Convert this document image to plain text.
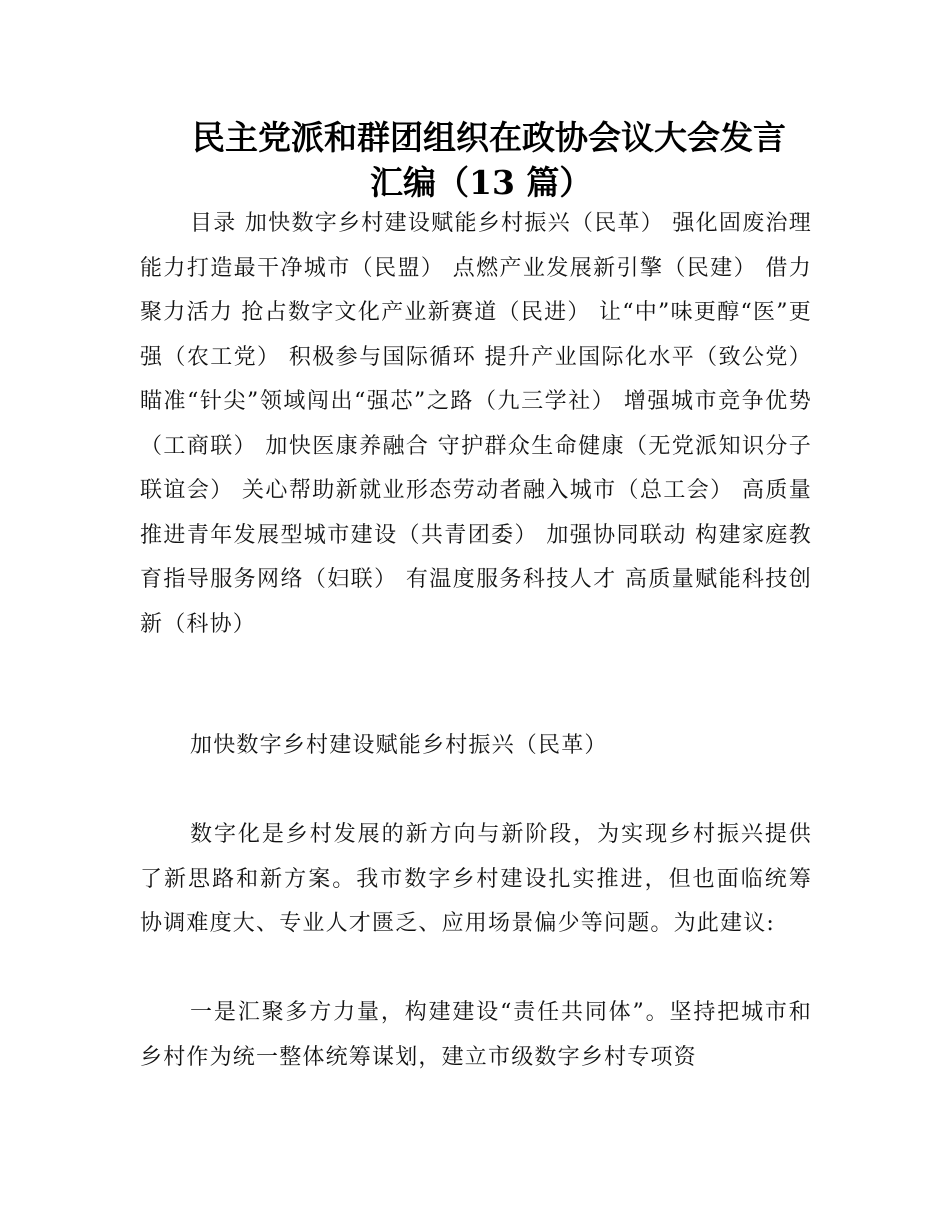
民主党派和群团组织在政协会议大会发言
汇编（13 篇）

目录 加快数字乡村建设赋能乡村振兴（民革） 强化固废治理能力打造最干净城市（民盟） 点燃产业发展新引擎（民建） 借力聚力活力 抢占数字文化产业新赛道（民进） 让“中”味更醇“医”更强（农工党） 积极参与国际循环 提升产业国际化水平（致公党） 瞄准“针尖”领域闯出“强芯”之路（九三学社） 增强城市竞争优势（工商联） 加快医康养融合 守护群众生命健康（无党派知识分子联谊会） 关心帮助新就业形态劳动者融入城市（总工会） 高质量推进青年发展型城市建设（共青团委） 加强协同联动 构建家庭教育指导服务网络（妇联） 有温度服务科技人才 高质量赋能科技创新（科协）

加快数字乡村建设赋能乡村振兴（民革）

数字化是乡村发展的新方向与新阶段，为实现乡村振兴提供了新思路和新方案。我市数字乡村建设扎实推进，但也面临统筹协调难度大、专业人才匮乏、应用场景偏少等问题。为此建议:

一是汇聚多方力量，构建建设“责任共同体”。坚持把城市和乡村作为统一整体统筹谋划，建立市级数字乡村专项资
